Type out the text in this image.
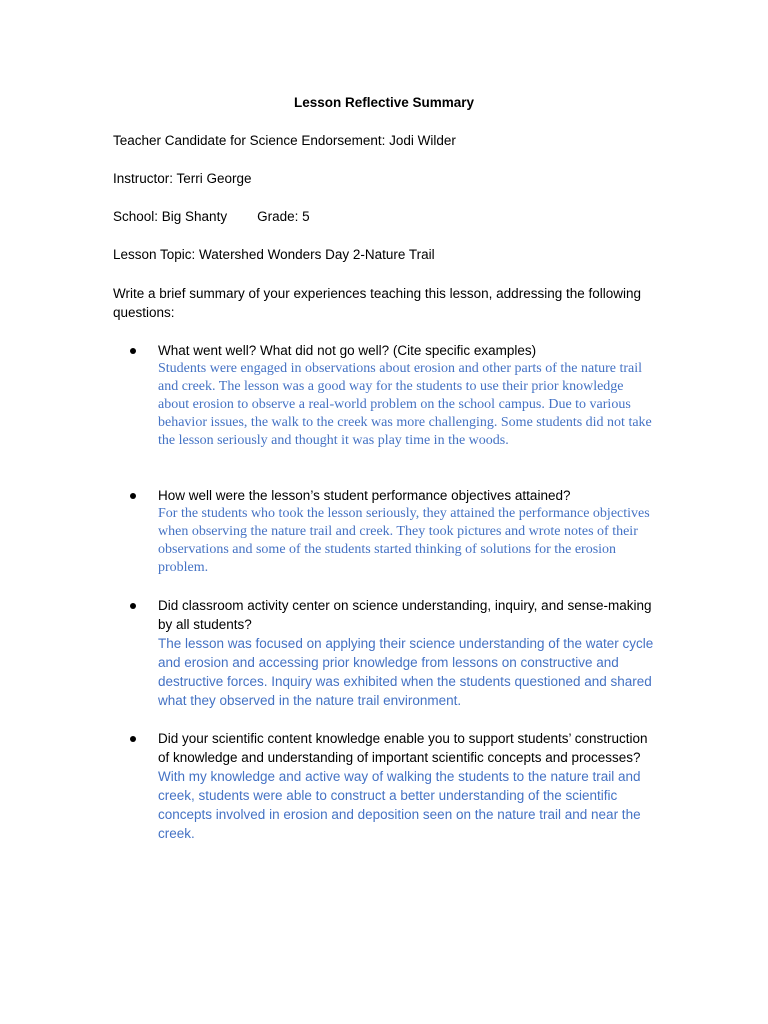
Lesson Reflective Summary
Teacher Candidate for Science Endorsement: Jodi Wilder
Instructor: Terri George
School: Big Shanty Grade: 5
Lesson Topic: Watershed Wonders Day 2-Nature Trail
Write a brief summary of your experiences teaching this lesson, addressing the following questions:
What went well? What did not go well? (Cite specific examples)
Students were engaged in observations about erosion and other parts of the nature trail and creek. The lesson was a good way for the students to use their prior knowledge about erosion to observe a real-world problem on the school campus. Due to various behavior issues, the walk to the creek was more challenging. Some students did not take the lesson seriously and thought it was play time in the woods.
How well were the lesson’s student performance objectives attained?
For the students who took the lesson seriously, they attained the performance objectives when observing the nature trail and creek. They took pictures and wrote notes of their observations and some of the students started thinking of solutions for the erosion problem.
Did classroom activity center on science understanding, inquiry, and sense-making by all students?
The lesson was focused on applying their science understanding of the water cycle and erosion and accessing prior knowledge from lessons on constructive and destructive forces. Inquiry was exhibited when the students questioned and shared what they observed in the nature trail environment.
Did your scientific content knowledge enable you to support students’ construction of knowledge and understanding of important scientific concepts and processes?
With my knowledge and active way of walking the students to the nature trail and creek, students were able to construct a better understanding of the scientific concepts involved in erosion and deposition seen on the nature trail and near the creek.
